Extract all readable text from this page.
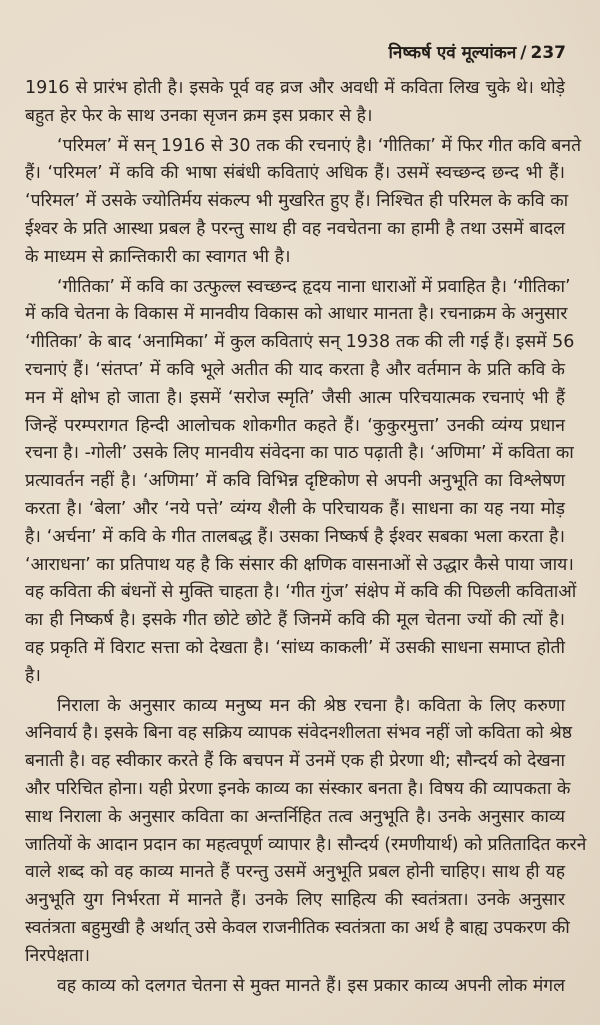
निष्कर्ष एवं मूल्यांकन / 237
1916 से प्रारंभ होती है। इसके पूर्व वह व्रज और अवधी में कविता लिख चुके थे। थोड़े
बहुत हेर फेर के साथ उनका सृजन क्रम इस प्रकार से है।
‘परिमल’ में सन् 1916 से 30 तक की रचनाएं है। ‘गीतिका’ में फिर गीत कवि बनते
हैं। ‘परिमल’ में कवि की भाषा संबंधी कविताएं अधिक हैं। उसमें स्वच्छन्द छन्द भी हैं।
‘परिमल’ में उसके ज्योतिर्मय संकल्प भी मुखरित हुए हैं। निश्चित ही परिमल के कवि का
ईश्वर के प्रति आस्था प्रबल है परन्तु साथ ही वह नवचेतना का हामी है तथा उसमें बादल
के माध्यम से क्रान्तिकारी का स्वागत भी है।
‘गीतिका’ में कवि का उत्फुल्ल स्वच्छन्द हृदय नाना धाराओं में प्रवाहित है। ‘गीतिका’
में कवि चेतना के विकास में मानवीय विकास को आधार मानता है। रचनाक्रम के अनुसार
‘गीतिका’ के बाद ‘अनामिका’ में कुल कविताएं सन् 1938 तक की ली गई हैं। इसमें 56
रचनाएं हैं। ‘संतप्त’ में कवि भूले अतीत की याद करता है और वर्तमान के प्रति कवि के
मन में क्षोभ हो जाता है। इसमें ‘सरोज स्मृति’ जैसी आत्म परिचयात्मक रचनाएं भी हैं
जिन्हें परम्परागत हिन्दी आलोचक शोकगीत कहते हैं। ‘कुकुरमुत्ता’ उनकी व्यंग्य प्रधान
रचना है। -गोली’ उसके लिए मानवीय संवेदना का पाठ पढ़ाती है। ‘अणिमा’ में कविता का
प्रत्यावर्तन नहीं है। ‘अणिमा’ में कवि विभिन्न दृष्टिकोण से अपनी अनुभूति का विश्लेषण
करता है। ‘बेला’ और ‘नये पत्ते’ व्यंग्य शैली के परिचायक हैं। साधना का यह नया मोड़
है। ‘अर्चना’ में कवि के गीत तालबद्ध हैं। उसका निष्कर्ष है ईश्वर सबका भला करता है।
‘आराधना’ का प्रतिपाथ यह है कि संसार की क्षणिक वासनाओं से उद्धार कैसे पाया जाय।
वह कविता की बंधनों से मुक्ति चाहता है। ‘गीत गुंज’ संक्षेप में कवि की पिछली कविताओं
का ही निष्कर्ष है। इसके गीत छोटे छोटे हैं जिनमें कवि की मूल चेतना ज्यों की त्यों है।
वह प्रकृति में विराट सत्ता को देखता है। ‘सांध्य काकली’ में उसकी साधना समाप्त होती
है।
निराला के अनुसार काव्य मनुष्य मन की श्रेष्ठ रचना है। कविता के लिए करुणा
अनिवार्य है। इसके बिना वह सक्रिय व्यापक संवेदनशीलता संभव नहीं जो कविता को श्रेष्ठ
बनाती है। वह स्वीकार करते हैं कि बचपन में उनमें एक ही प्रेरणा थी; सौन्दर्य को देखना
और परिचित होना। यही प्रेरणा इनके काव्य का संस्कार बनता है। विषय की व्यापकता के
साथ निराला के अनुसार कविता का अन्तर्निहित तत्व अनुभूति है। उनके अनुसार काव्य
जातियों के आदान प्रदान का महत्वपूर्ण व्यापार है। सौन्दर्य (रमणीयार्थ) को प्रतितादित करने
वाले शब्द को वह काव्य मानते हैं परन्तु उसमें अनुभूति प्रबल होनी चाहिए। साथ ही यह
अनुभूति युग निर्भरता में मानते हैं। उनके लिए साहित्य की स्वतंत्रता। उनके अनुसार
स्वतंत्रता बहुमुखी है अर्थात् उसे केवल राजनीतिक स्वतंत्रता का अर्थ है बाह्य उपकरण की
निरपेक्षता।
वह काव्य को दलगत चेतना से मुक्त मानते हैं। इस प्रकार काव्य अपनी लोक मंगल
